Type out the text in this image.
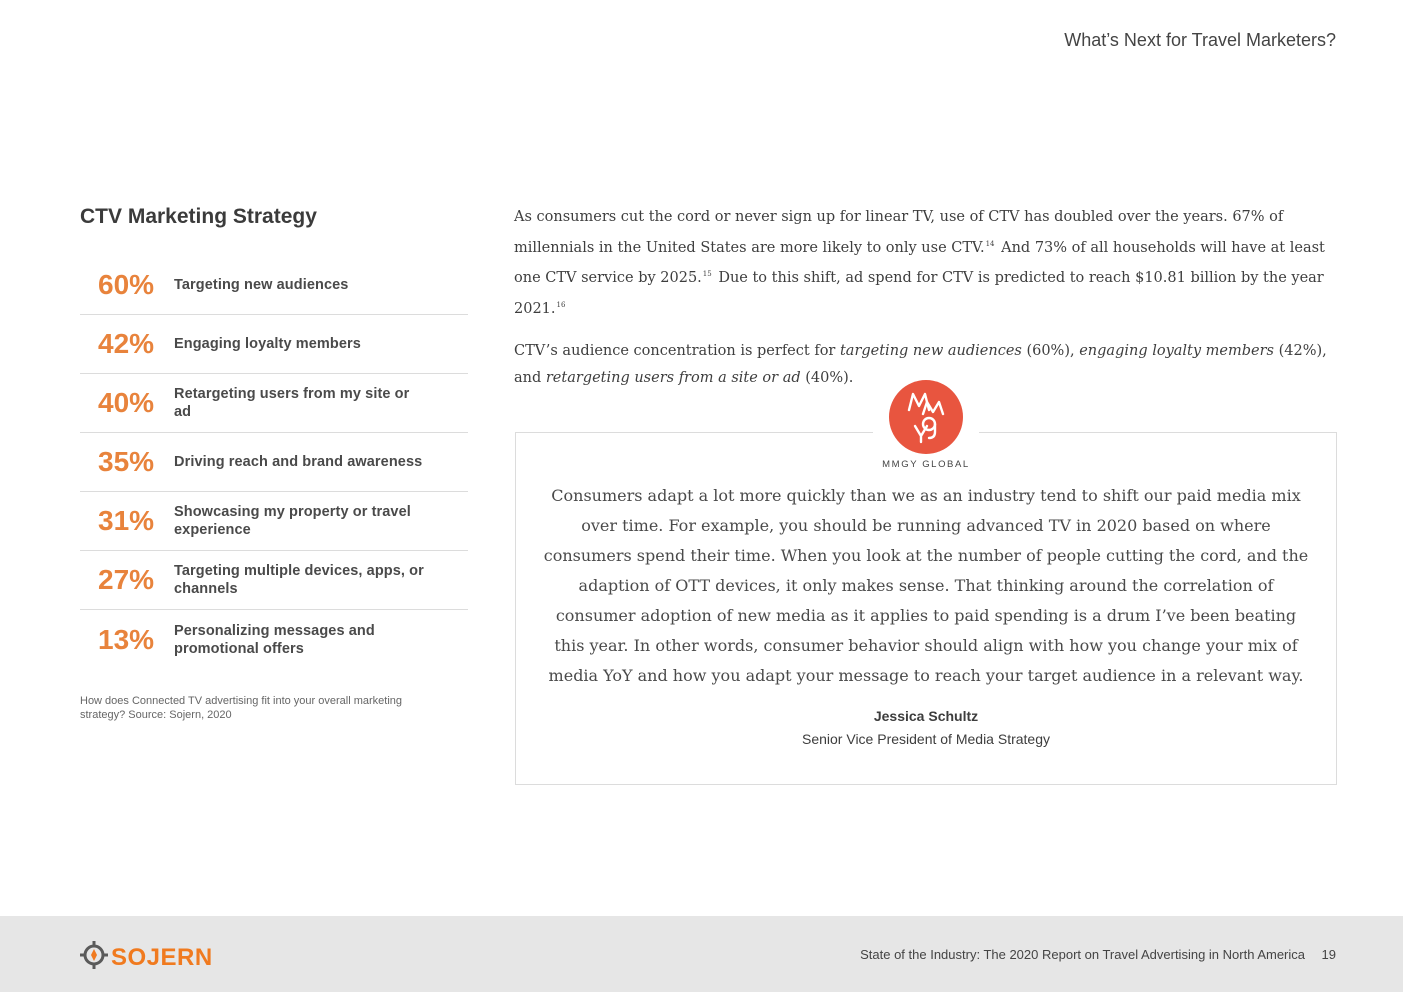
What’s Next for Travel Marketers?
CTV Marketing Strategy
60%	Targeting new audiences
42%	Engaging loyalty members
40%	Retargeting users from my site or ad
35%	Driving reach and brand awareness
31%	Showcasing my property or travel experience
27%	Targeting multiple devices, apps, or channels
13%	Personalizing messages and promotional offers
How does Connected TV advertising fit into your overall marketing strategy? Source: Sojern, 2020

As consumers cut the cord or never sign up for linear TV, use of CTV has doubled over the years. 67% of millennials in the United States are more likely to only use CTV.$^{14}$ And 73% of all households will have at least one CTV service by 2025.15 Due to this shift, ad spend for CTV is predicted to reach $10.81 billion by the year 2021.16

CTV’s audience concentration is perfect for targeting new audiences (60%), engaging loyalty members (42%), and retargeting users from a site or ad (40%).

MMGY GLOBAL
Consumers adapt a lot more quickly than we as an industry tend to shift our paid media mix over time. For example, you should be running advanced TV in 2020 based on where consumers spend their time. When you look at the number of people cutting the cord, and the adaption of OTT devices, it only makes sense. That thinking around the correlation of consumer adoption of new media as it applies to paid spending is a drum I’ve been beating this year. In other words, consumer behavior should align with how you change your mix of media YoY and how you adapt your message to reach your target audience in a relevant way.
Jessica Schultz
Senior Vice President of Media Strategy
SOJERN	State of the Industry: The 2020 Report on Travel Advertising in North America 19
